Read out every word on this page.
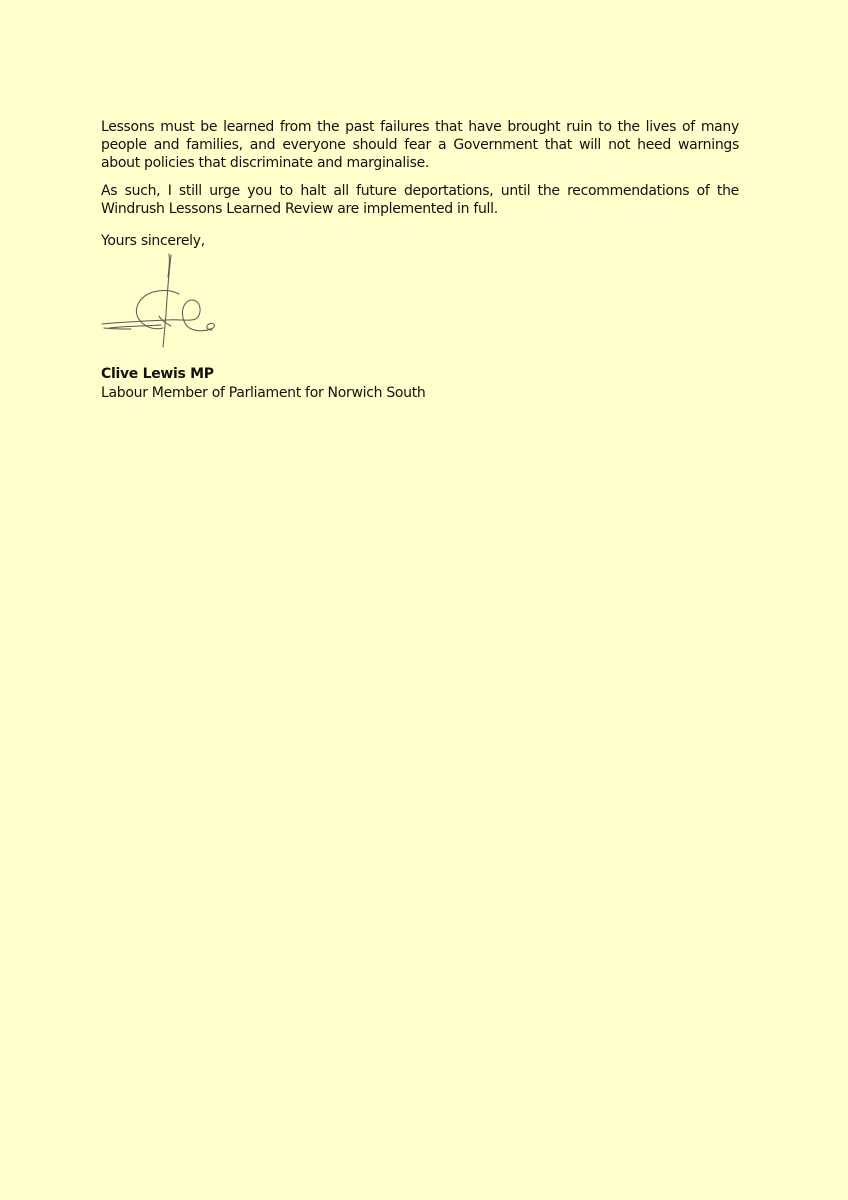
Lessons must be learned from the past failures that have brought ruin to the lives of many people and families, and everyone should fear a Government that will not heed warnings about policies that discriminate and marginalise.

As such, I still urge you to halt all future deportations, until the recommendations of the Windrush Lessons Learned Review are implemented in full.

Yours sincerely,

Clive Lewis MP

Labour Member of Parliament for Norwich South
